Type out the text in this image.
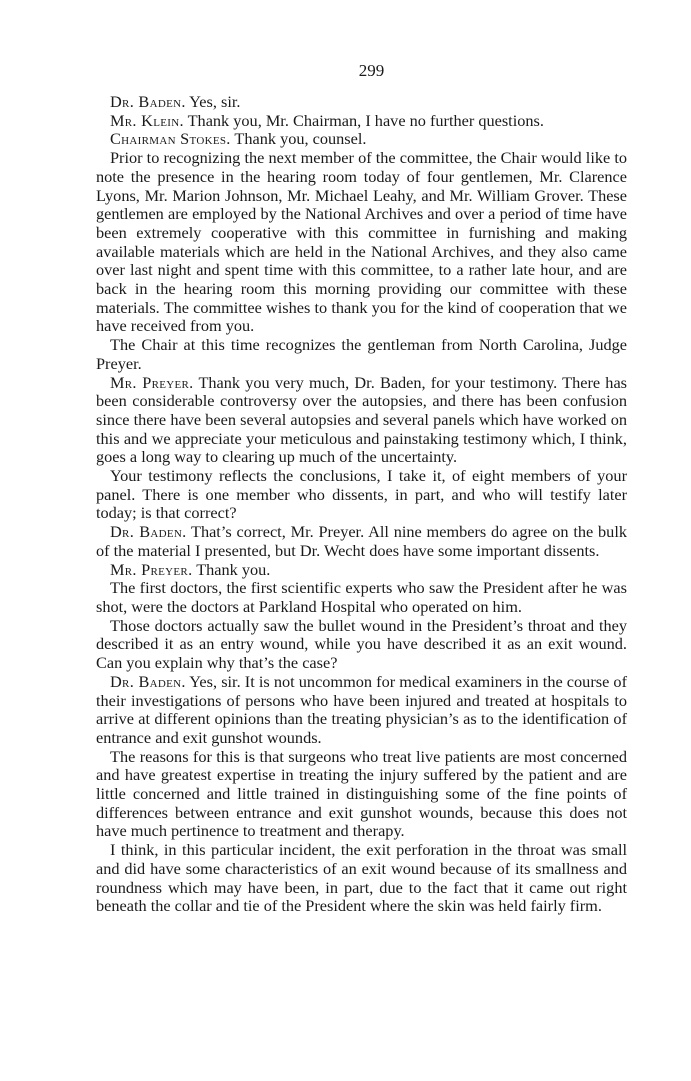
299

Dr. Baden. Yes, sir.

Mr. Klein. Thank you, Mr. Chairman, I have no further questions.

Chairman Stokes. Thank you, counsel.

Prior to recognizing the next member of the committee, the Chair would like to note the presence in the hearing room today of four gentlemen, Mr. Clarence Lyons, Mr. Marion Johnson, Mr. Michael Leahy, and Mr. William Grover. These gentlemen are employed by the National Archives and over a period of time have been extremely cooperative with this committee in furnishing and making available materials which are held in the National Archives, and they also came over last night and spent time with this committee, to a rather late hour, and are back in the hearing room this morning providing our committee with these materials. The committee wishes to thank you for the kind of cooperation that we have received from you.

The Chair at this time recognizes the gentleman from North Carolina, Judge Preyer.

Mr. Preyer. Thank you very much, Dr. Baden, for your testimony. There has been considerable controversy over the autopsies, and there has been confusion since there have been several autopsies and several panels which have worked on this and we appreciate your meticulous and painstaking testimony which, I think, goes a long way to clearing up much of the uncertainty.

Your testimony reflects the conclusions, I take it, of eight members of your panel. There is one member who dissents, in part, and who will testify later today; is that correct?

Dr. Baden. That’s correct, Mr. Preyer. All nine members do agree on the bulk of the material I presented, but Dr. Wecht does have some important dissents.

Mr. Preyer. Thank you.

The first doctors, the first scientific experts who saw the President after he was shot, were the doctors at Parkland Hospital who operated on him.

Those doctors actually saw the bullet wound in the President’s throat and they described it as an entry wound, while you have described it as an exit wound. Can you explain why that’s the case?

Dr. Baden. Yes, sir. It is not uncommon for medical examiners in the course of their investigations of persons who have been injured and treated at hospitals to arrive at different opinions than the treating physician’s as to the identification of entrance and exit gunshot wounds.

The reasons for this is that surgeons who treat live patients are most concerned and have greatest expertise in treating the injury suffered by the patient and are little concerned and little trained in distinguishing some of the fine points of differences between entrance and exit gunshot wounds, because this does not have much pertinence to treatment and therapy.

I think, in this particular incident, the exit perforation in the throat was small and did have some characteristics of an exit wound because of its smallness and roundness which may have been, in part, due to the fact that it came out right beneath the collar and tie of the President where the skin was held fairly firm.
